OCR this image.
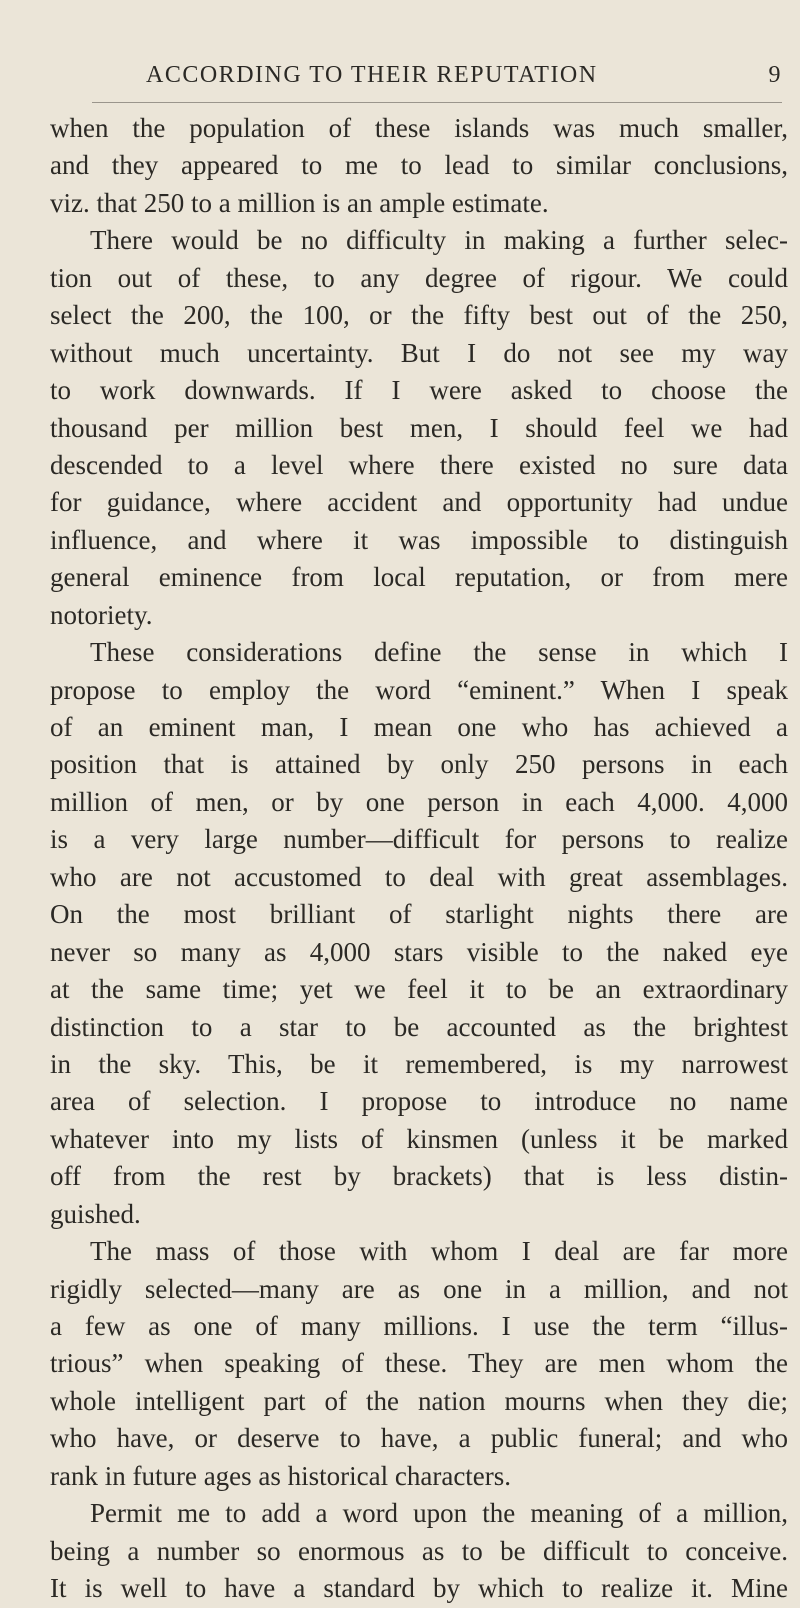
ACCORDING TO THEIR REPUTATION	9
when the population of these islands was much smaller,
and they appeared to me to lead to similar conclusions,
viz. that 250 to a million is an ample estimate.
There would be no difficulty in making a further selec-
tion out of these, to any degree of rigour. We could
select the 200, the 100, or the fifty best out of the 250,
without much uncertainty. But I do not see my way
to work downwards. If I were asked to choose the
thousand per million best men, I should feel we had
descended to a level where there existed no sure data
for guidance, where accident and opportunity had undue
influence, and where it was impossible to distinguish
general eminence from local reputation, or from mere
notoriety.
These considerations define the sense in which I
propose to employ the word “eminent.” When I speak
of an eminent man, I mean one who has achieved a
position that is attained by only 250 persons in each
million of men, or by one person in each 4,000. 4,000
is a very large number—difficult for persons to realize
who are not accustomed to deal with great assemblages.
On the most brilliant of starlight nights there are
never so many as 4,000 stars visible to the naked eye
at the same time; yet we feel it to be an extraordinary
distinction to a star to be accounted as the brightest
in the sky. This, be it remembered, is my narrowest
area of selection. I propose to introduce no name
whatever into my lists of kinsmen (unless it be marked
off from the rest by brackets) that is less distin-
guished.
The mass of those with whom I deal are far more
rigidly selected—many are as one in a million, and not
a few as one of many millions. I use the term “illus-
trious” when speaking of these. They are men whom the
whole intelligent part of the nation mourns when they die;
who have, or deserve to have, a public funeral; and who
rank in future ages as historical characters.
Permit me to add a word upon the meaning of a million,
being a number so enormous as to be difficult to conceive.
It is well to have a standard by which to realize it. Mine
